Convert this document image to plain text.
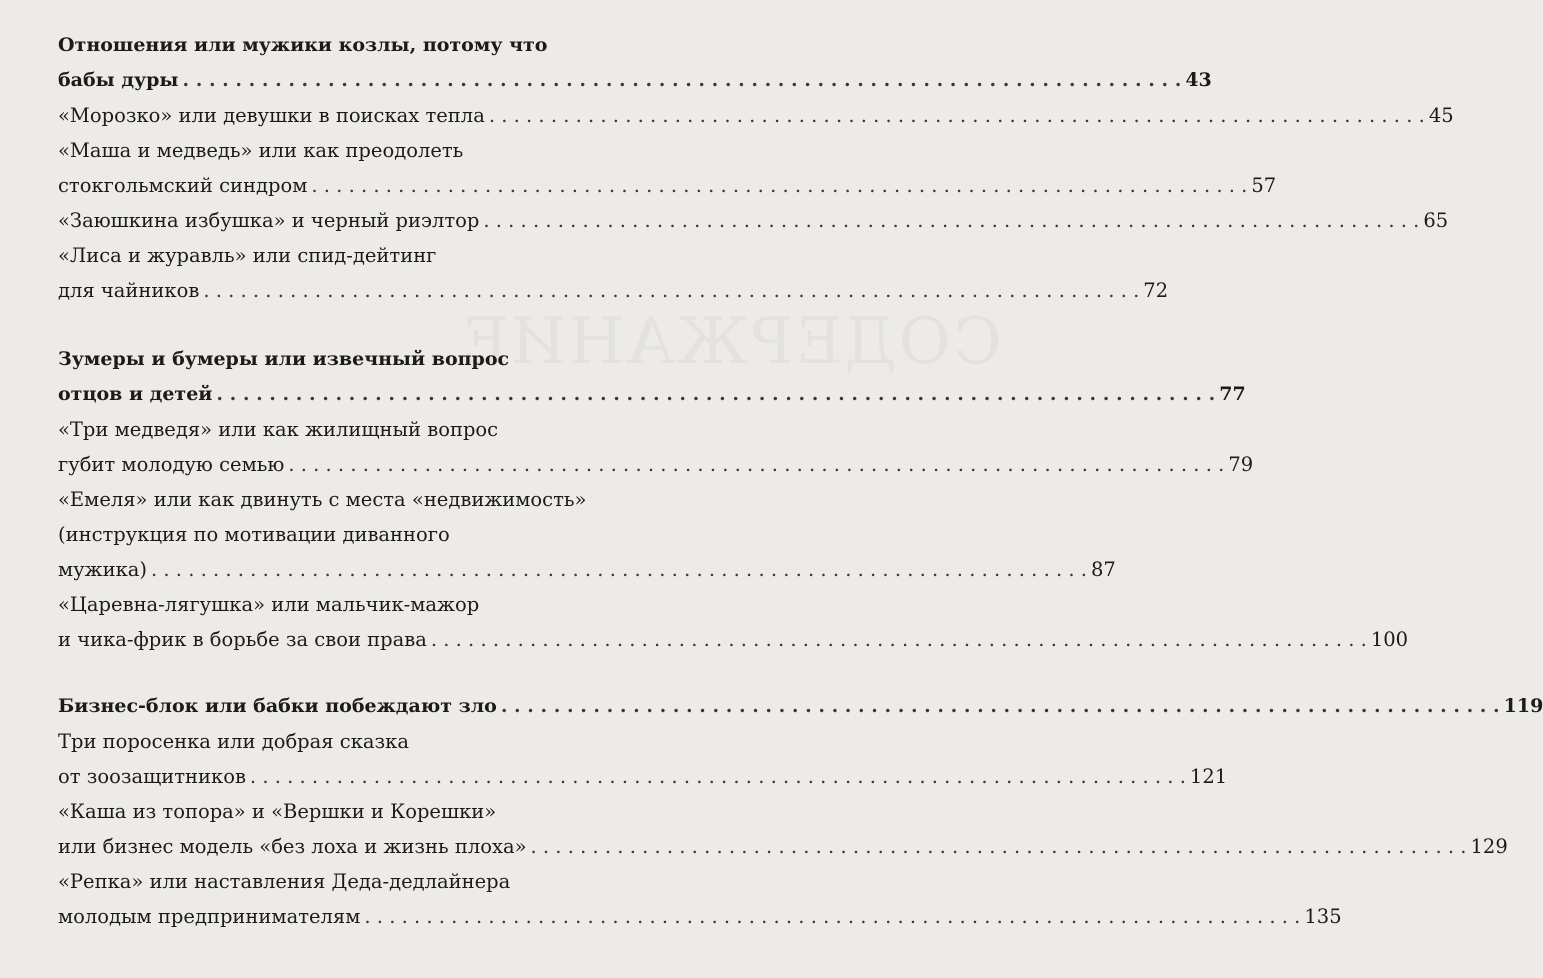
СОДЕРЖАНИЕ
Отношения или мужики козлы, потому что
бабы дуры . . .	43
«Морозко» или девушки в поисках тепла . . .	45
«Маша и медведь» или как преодолеть
стокгольмский синдром . . .	57
«Заюшкина избушка» и черный риэлтор . . .	65
«Лиса и журавль» или спид-дейтинг
для чайников . . .	72
Зумеры и бумеры или извечный вопрос
отцов и детей . . .	77
«Три медведя» или как жилищный вопрос
губит молодую семью . . .	79
«Емеля» или как двинуть с места «недвижимость»
(инструкция по мотивации диванного
мужика) . . .	87
«Царевна-лягушка» или мальчик-мажор
и чика-фрик в борьбе за свои права . . .	100
Бизнес-блок или бабки побеждают зло . . .	119
Три поросенка или добрая сказка
от зоозащитников . . .	121
«Каша из топора» и «Вершки и Корешки»
или бизнес модель «без лоха и жизнь плоха» . . .	129
«Репка» или наставления Деда-дедлайнера
молодым предпринимателям . . .	135
